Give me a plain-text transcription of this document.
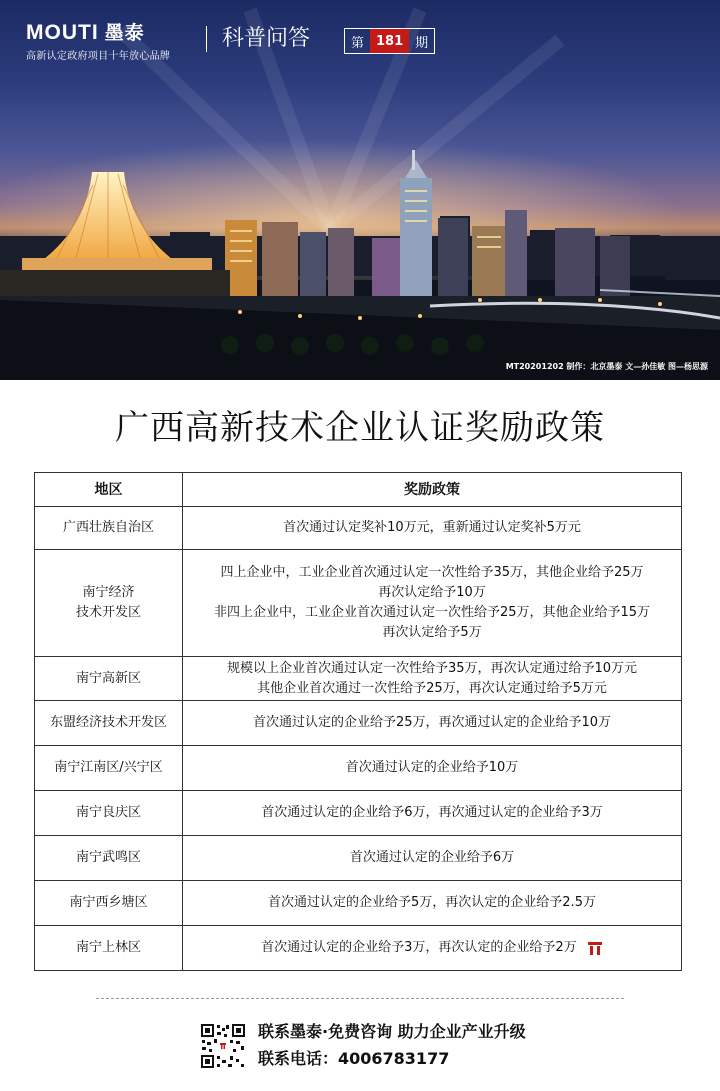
MOUTI 墨泰
高新认定政府项目十年放心品牌
科普问答	第 181 期
MT20201202 制作：北京墨泰 文—孙佳敏 图—杨思源
广西高新技术企业认证奖励政策
地区	奖励政策
广西壮族自治区	首次通过认定奖补10万元，重新通过认定奖补5万元

南宁经济
技术开发区	四上企业中，工业企业首次通过认定一次性给予35万，其他企业给予25万
再次认定给予10万
非四上企业中，工业企业首次通过认定一次性给予25万，其他企业给予15万
再次认定给予5万

南宁高新区	规模以上企业首次通过认定一次性给予35万，再次认定通过给予10万元
其他企业首次通过一次性给予25万，再次认定通过给予5万元

东盟经济技术开发区	首次通过认定的企业给予25万，再次通过认定的企业给予10万
南宁江南区/兴宁区	首次通过认定的企业给予10万
南宁良庆区	首次通过认定的企业给予6万，再次通过认定的企业给予3万
南宁武鸣区	首次通过认定的企业给予6万
南宁西乡塘区	首次通过认定的企业给予5万，再次认定的企业给予2.5万
南宁上林区	首次通过认定的企业给予3万，再次认定的企业给予2万
联系墨泰·免费咨询 助力企业产业升级
联系电话：4006783177
